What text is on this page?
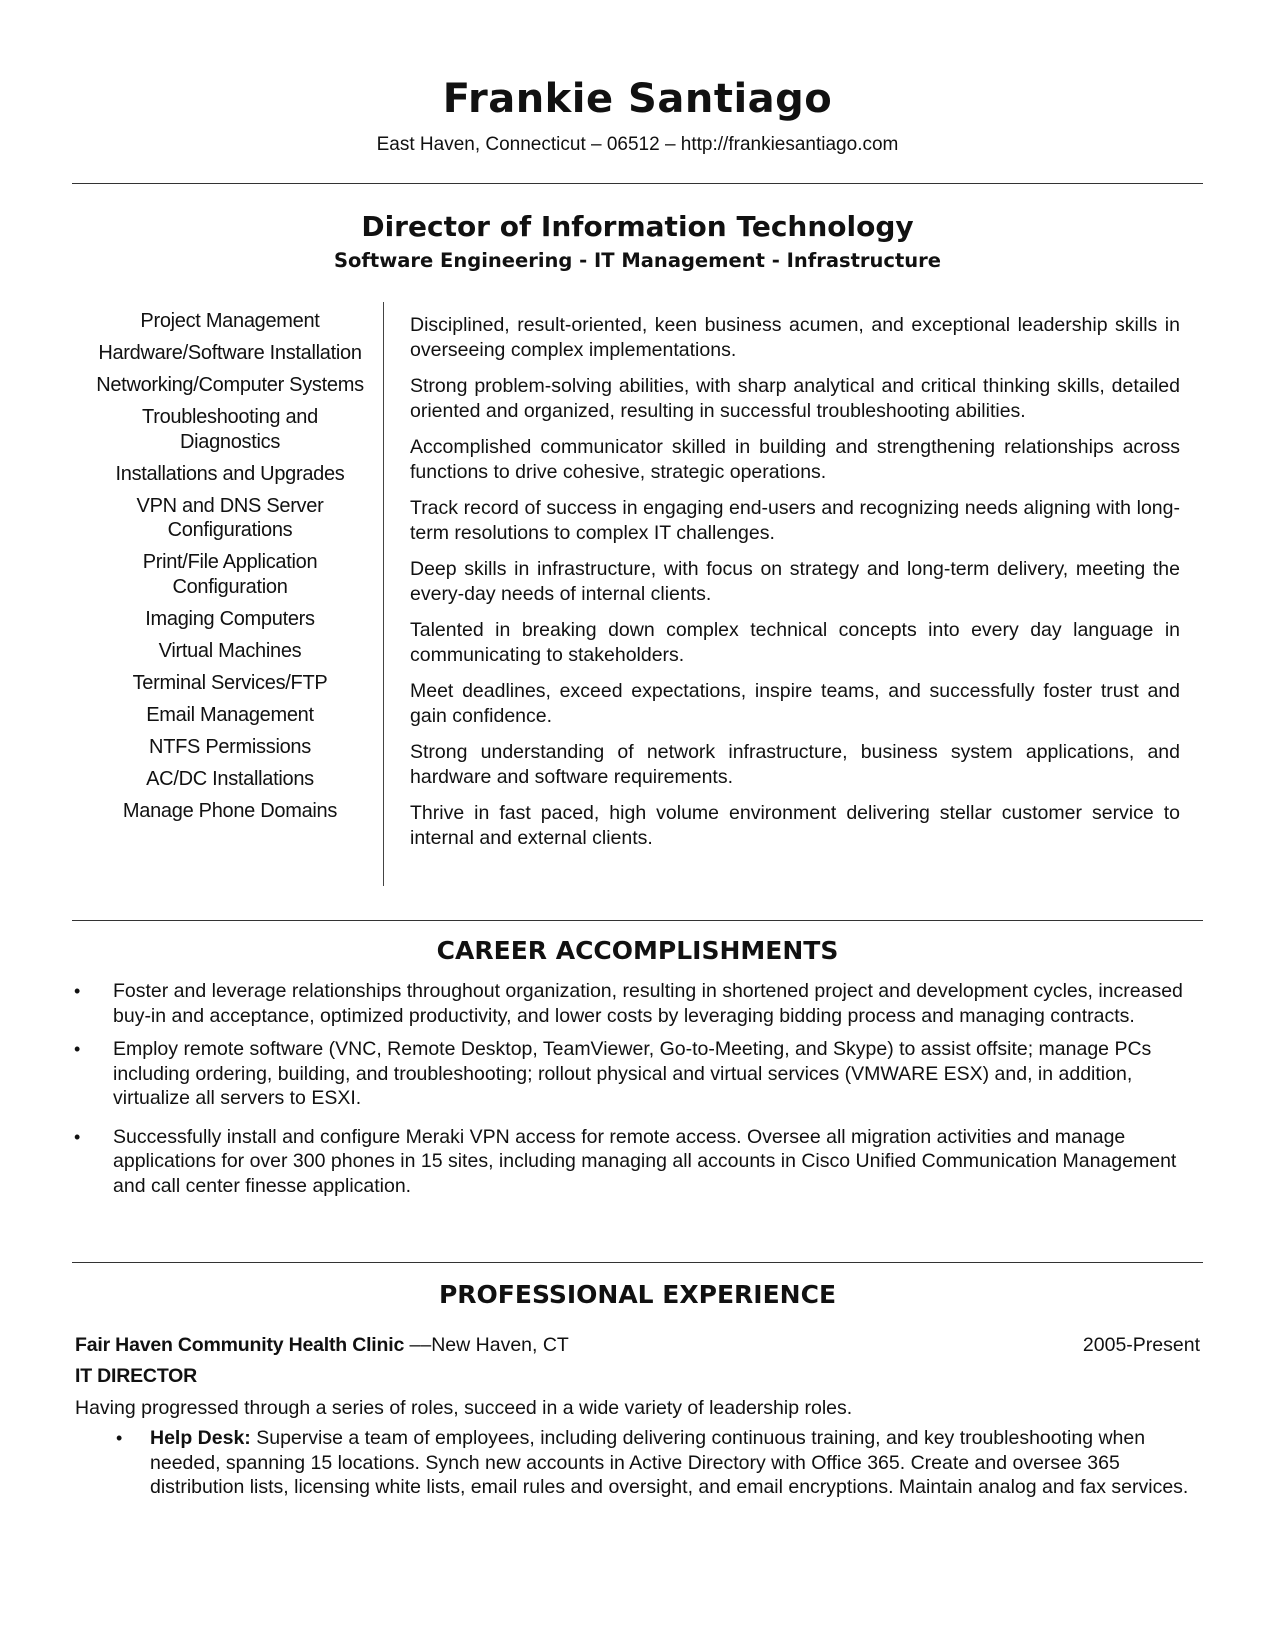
Frankie Santiago
East Haven, Connecticut – 06512 – http://frankiesantiago.com
Director of Information Technology
Software Engineering - IT Management - Infrastructure
Project Management
Hardware/Software Installation
Networking/Computer Systems
Troubleshooting and Diagnostics
Installations and Upgrades
VPN and DNS Server Configurations
Print/File Application Configuration
Imaging Computers
Virtual Machines
Terminal Services/FTP
Email Management
NTFS Permissions
AC/DC Installations
Manage Phone Domains

Disciplined, result-oriented, keen business acumen, and exceptional leadership skills in overseeing complex implementations.

Strong problem-solving abilities, with sharp analytical and critical thinking skills, detailed oriented and organized, resulting in successful troubleshooting abilities.

Accomplished communicator skilled in building and strengthening relationships across functions to drive cohesive, strategic operations.

Track record of success in engaging end-users and recognizing needs aligning with long-term resolutions to complex IT challenges.

Deep skills in infrastructure, with focus on strategy and long-term delivery, meeting the every-day needs of internal clients.

Talented in breaking down complex technical concepts into every day language in communicating to stakeholders.

Meet deadlines, exceed expectations, inspire teams, and successfully foster trust and gain confidence.

Strong understanding of network infrastructure, business system applications, and hardware and software requirements.

Thrive in fast paced, high volume environment delivering stellar customer service to internal and external clients.

CAREER ACCOMPLISHMENTS
• Foster and leverage relationships throughout organization, resulting in shortened project and development cycles, increased buy-in and acceptance, optimized productivity, and lower costs by leveraging bidding process and managing contracts.
• Employ remote software (VNC, Remote Desktop, TeamViewer, Go-to-Meeting, and Skype) to assist offsite; manage PCs including ordering, building, and troubleshooting; rollout physical and virtual services (VMWARE ESX) and, in addition, virtualize all servers to ESXI.
• Successfully install and configure Meraki VPN access for remote access. Oversee all migration activities and manage applications for over 300 phones in 15 sites, including managing all accounts in Cisco Unified Communication Management and call center finesse application.
PROFESSIONAL EXPERIENCE
Fair Haven Community Health Clinic ––New Haven, CT	2005-Present
IT DIRECTOR
Having progressed through a series of roles, succeed in a wide variety of leadership roles.
• Help Desk: Supervise a team of employees, including delivering continuous training, and key troubleshooting when needed, spanning 15 locations. Synch new accounts in Active Directory with Office 365. Create and oversee 365 distribution lists, licensing white lists, email rules and oversight, and email encryptions. Maintain analog and fax services.
